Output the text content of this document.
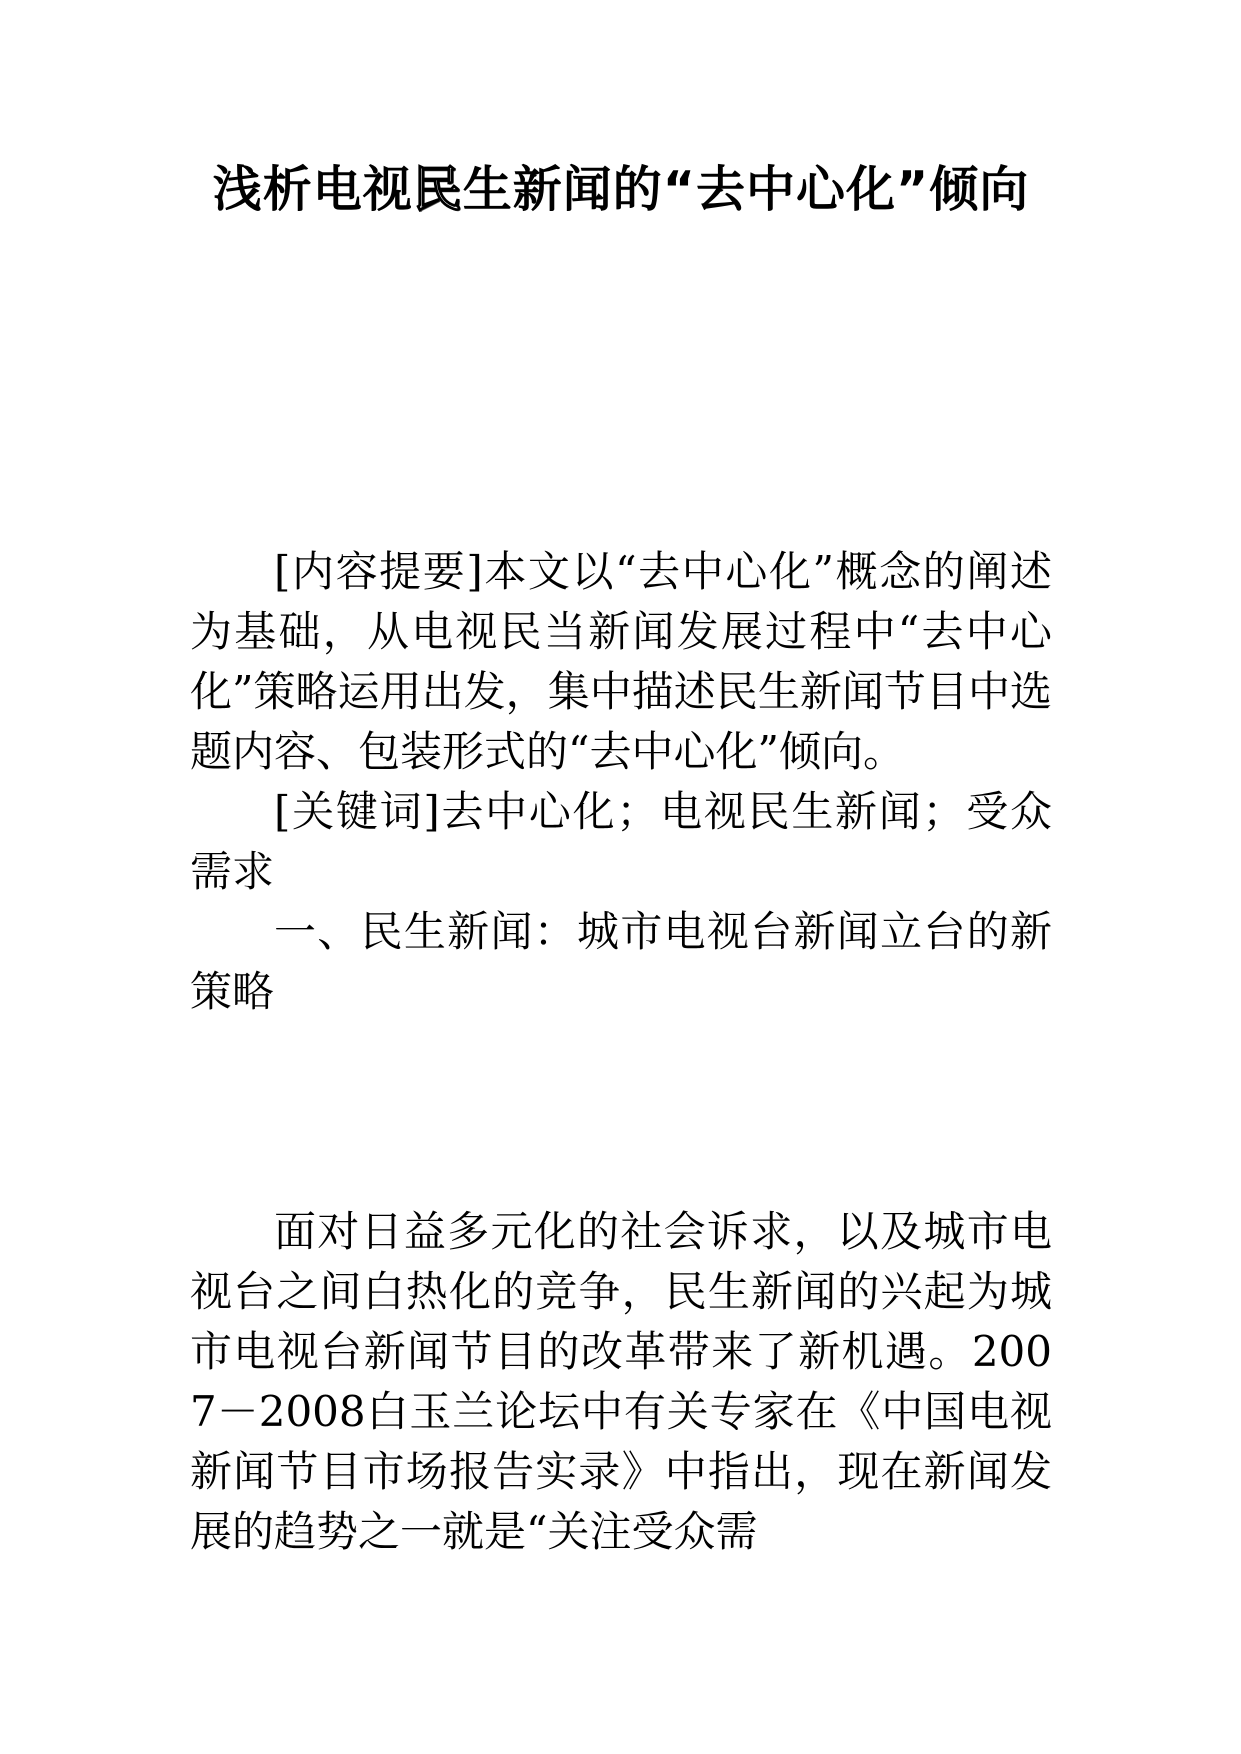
浅析电视民生新闻的“去中心化”倾向

[内容提要]本文以“去中心化”概念的阐述为基础，从电视民当新闻发展过程中“去中心化”策略运用出发，集中描述民生新闻节目中选题内容、包装形式的“去中心化”倾向。

[关键词]去中心化；电视民生新闻；受众需求

一、民生新闻：城市电视台新闻立台的新策略

面对日益多元化的社会诉求，以及城市电视台之间白热化的竞争，民生新闻的兴起为城市电视台新闻节目的改革带来了新机遇。2007－2008白玉兰论坛中有关专家在《中国电视新闻节目市场报告实录》中指出，现在新闻发展的趋势之一就是“关注受众需
